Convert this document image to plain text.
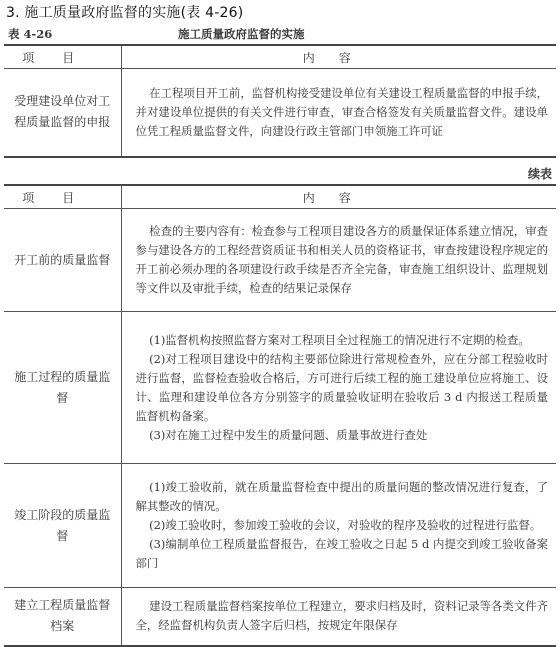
3. 施工质量政府监督的实施(表 4-26)
表 4-26	施工质量政府监督的实施
项目	内容
受理建设单位对工程质量监督的申报	在工程项目开工前，监督机构接受建设单位有关建设工程质量监督的申报手续，并对建设单位提供的有关文件进行审查，审查合格签发有关质量监督文件。建设单位凭工程质量监督文件，向建设行政主管部门申领施工许可证

续表
项目	内容
开工前的质量监督	检查的主要内容有：检查参与工程项目建设各方的质量保证体系建立情况，审查参与建设各方的工程经营资质证书和相关人员的资格证书，审查按建设程序规定的开工前必须办理的各项建设行政手续是否齐全完备，审查施工组织设计、监理规划等文件以及审批手续，检查的结果记录保存

施工过程的质量监督	(1)监督机构按照监督方案对工程项目全过程施工的情况进行不定期的检查。

(2)对工程项目建设中的结构主要部位除进行常规检查外，应在分部工程验收时进行监督，监督检查验收合格后，方可进行后续工程的施工建设单位应将施工、设计、监理和建设单位各方分别签字的质量验收证明在验收后 3 d 内报送工程质量监督机构备案。

(3)对在施工过程中发生的质量问题、质量事故进行查处

竣工阶段的质量监督	(1)竣工验收前，就在质量监督检查中提出的质量问题的整改情况进行复查，了解其整改的情况。

(2)竣工验收时，参加竣工验收的会议，对验收的程序及验收的过程进行监督。

(3)编制单位工程质量监督报告，在竣工验收之日起 5 d 内提交到竣工验收备案部门

建立工程质量监督档案	建设工程质量监督档案按单位工程建立，要求归档及时，资料记录等各类文件齐全，经监督机构负责人签字后归档，按规定年限保存
